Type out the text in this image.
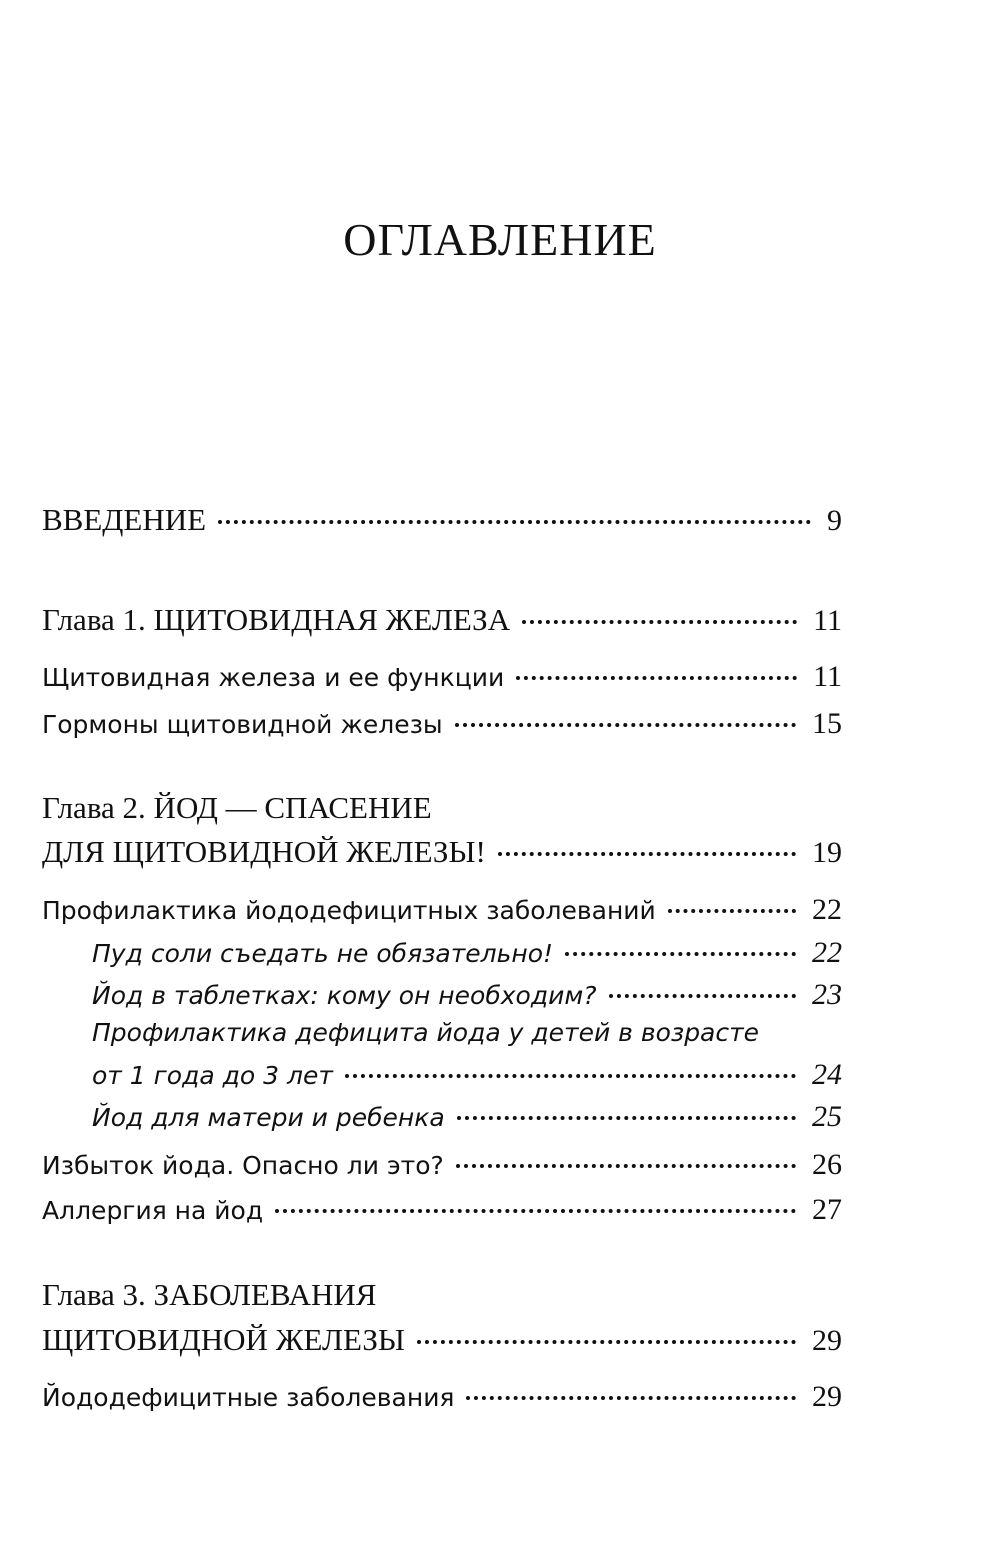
ОГЛАВЛЕНИЕ
ВВЕДЕНИЕ	9
Глава 1. ЩИТОВИДНАЯ ЖЕЛЕЗА	11
Щитовидная железа и ее функции	11
Гормоны щитовидной железы	15
Глава 2. ЙОД — СПАСЕНИЕ
ДЛЯ ЩИТОВИДНОЙ ЖЕЛЕЗЫ!	19
Профилактика йододефицитных заболеваний	22
Пуд соли съедать не обязательно!	22
Йод в таблетках: кому он необходим?	23
Профилактика дефицита йода у детей в возрасте
от 1 года до 3 лет	24
Йод для матери и ребенка	25
Избыток йода. Опасно ли это?	26
Аллергия на йод	27
Глава 3. ЗАБОЛЕВАНИЯ
ЩИТОВИДНОЙ ЖЕЛЕЗЫ	29
Йододефицитные заболевания	29
